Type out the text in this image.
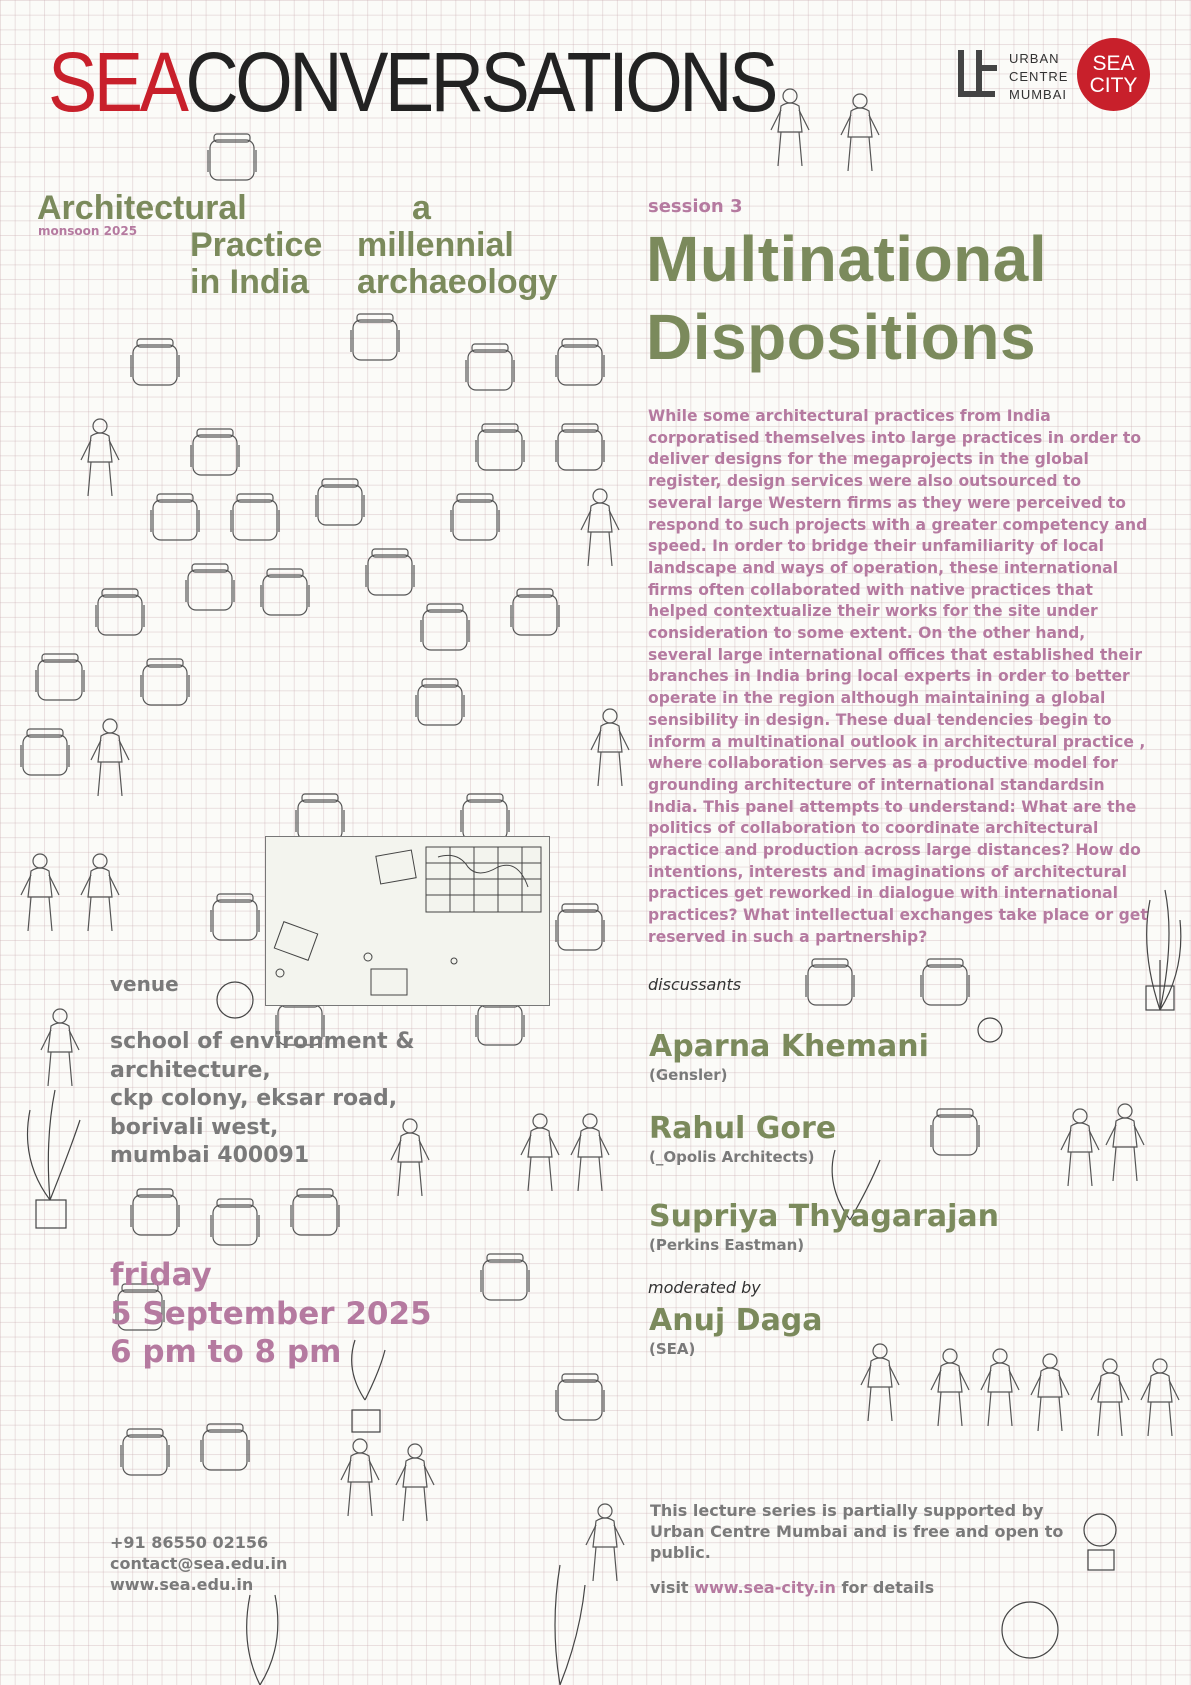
SEACONVERSATIONS	URBAN
CENTRE
MUMBAI
SEA
CITY
Architectural
Practice
in India
a
millennial
archaeology
monsoon 2025
session 3
Multinational
Dispositions
While some architectural practices from India corporatised themselves into large practices in order to deliver designs for the megaprojects in the global register, design services were also outsourced to several large Western firms as they were perceived to respond to such projects with a greater competency and speed. In order to bridge their unfamiliarity of local landscape and ways of operation, these international firms often collaborated with native practices that helped contextualize their works for the site under consideration to some extent. On the other hand, several large international offices that established their branches in India bring local experts in order to better operate in the region although maintaining a global sensibility in design. These dual tendencies begin to inform a multinational outlook in architectural practice , where collaboration serves as a productive model for grounding architecture of international standardsin India. This panel attempts to understand: What are the politics of collaboration to coordinate architectural practice and production across large distances? How do intentions, interests and imaginations of architectural practices get reworked in dialogue with international practices? What intellectual exchanges take place or get reserved in such a partnership?
discussants
Aparna Khemani
(Gensler)
Rahul Gore
(_Opolis Architects)
Supriya Thyagarajan
(Perkins Eastman)
moderated by
Anuj Daga
(SEA)
venue
school of environment &
architecture,
ckp colony, eksar road,
borivali west,
mumbai 400091
friday
5 September 2025
6 pm to 8 pm
+91 86550 02156
contact@sea.edu.in
www.sea.edu.in
This lecture series is partially supported by Urban Centre Mumbai and is free and open to public.
visit www.sea-city.in for details
